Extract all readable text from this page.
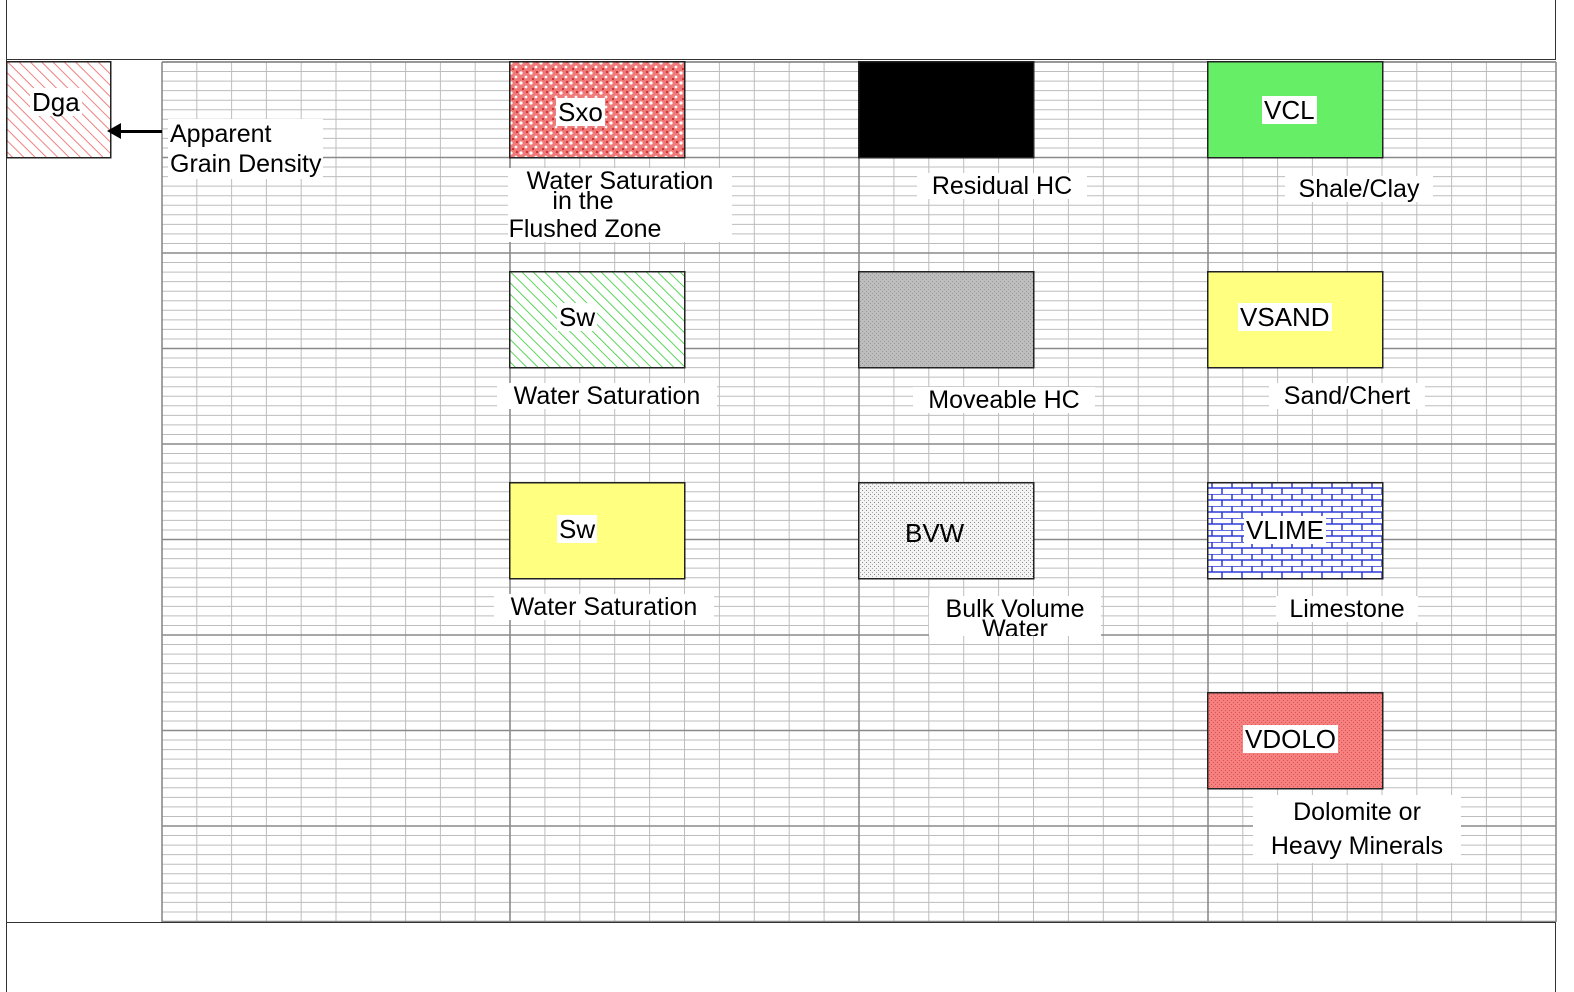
Dga
Apparent
Grain Density
Sxo
Water Saturation
in the
Flushed Zone
Sw
Water Saturation
Sw
Water Saturation
Residual HC
Moveable HC
BVW
Bulk Volume
Water
VCL
Shale/Clay
VSAND
Sand/Chert
VLIME
Limestone
VDOLO
Dolomite or
Heavy Minerals
